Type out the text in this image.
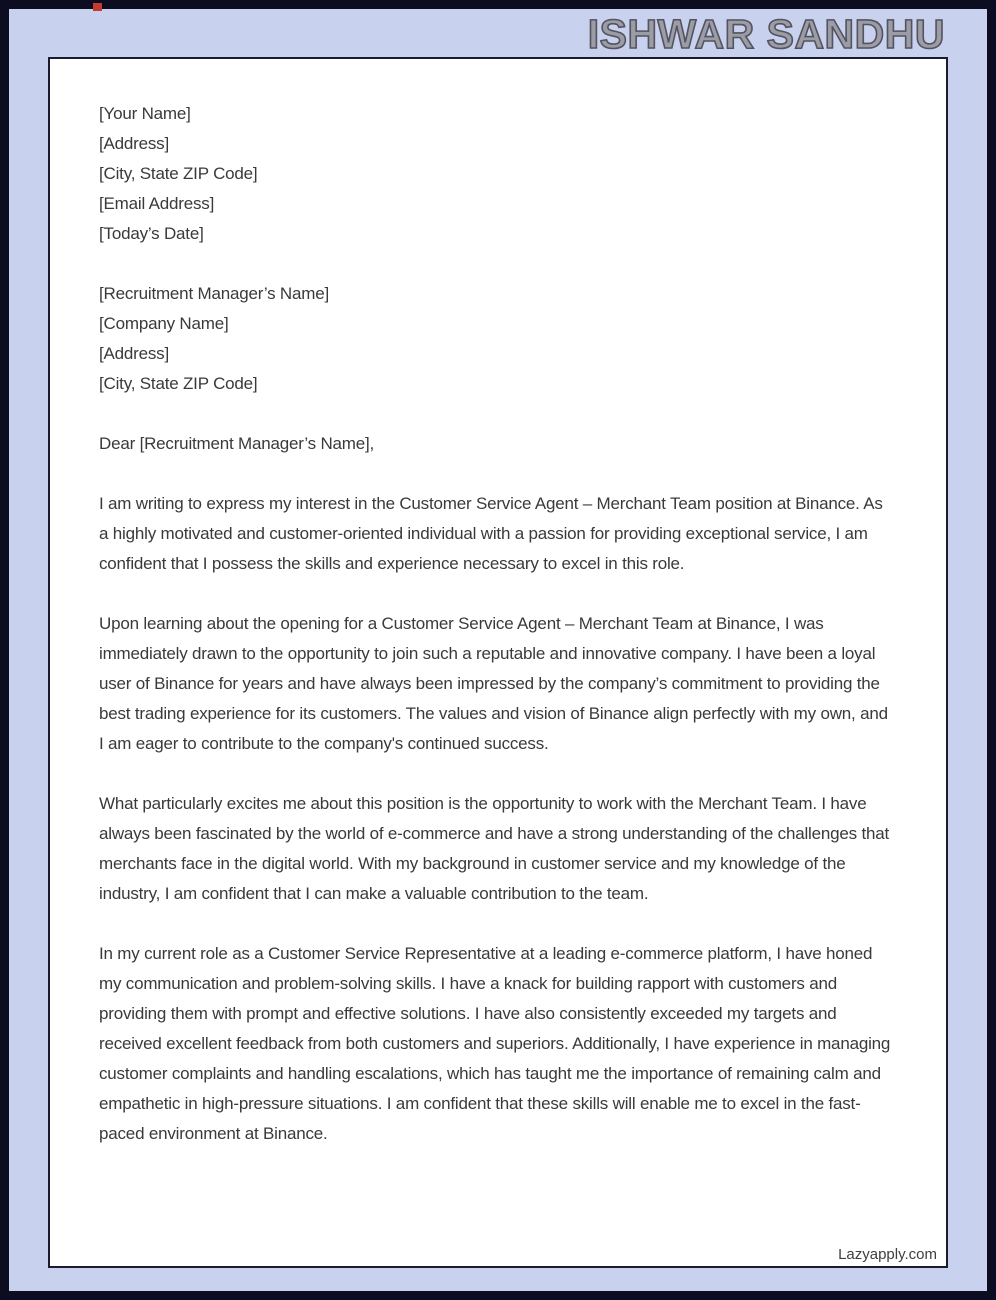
ISHWAR SANDHU
[Your Name]
[Address]
[City, State ZIP Code]
[Email Address]
[Today’s Date]
[Recruitment Manager’s Name]
[Company Name]
[Address]
[City, State ZIP Code]
Dear [Recruitment Manager’s Name],

I am writing to express my interest in the Customer Service Agent – Merchant Team position at Binance. As a highly motivated and customer-oriented individual with a passion for providing exceptional service, I am confident that I possess the skills and experience necessary to excel in this role.

Upon learning about the opening for a Customer Service Agent – Merchant Team at Binance, I was immediately drawn to the opportunity to join such a reputable and innovative company. I have been a loyal user of Binance for years and have always been impressed by the company’s commitment to providing the best trading experience for its customers. The values and vision of Binance align perfectly with my own, and I am eager to contribute to the company's continued success.

What particularly excites me about this position is the opportunity to work with the Merchant Team. I have always been fascinated by the world of e-commerce and have a strong understanding of the challenges that merchants face in the digital world. With my background in customer service and my knowledge of the industry, I am confident that I can make a valuable contribution to the team.

In my current role as a Customer Service Representative at a leading e-commerce platform, I have honed my communication and problem-solving skills. I have a knack for building rapport with customers and providing them with prompt and effective solutions. I have also consistently exceeded my targets and received excellent feedback from both customers and superiors. Additionally, I have experience in managing customer complaints and handling escalations, which has taught me the importance of remaining calm and empathetic in high-pressure situations. I am confident that these skills will enable me to excel in the fast-paced environment at Binance.

Lazyapply.com
